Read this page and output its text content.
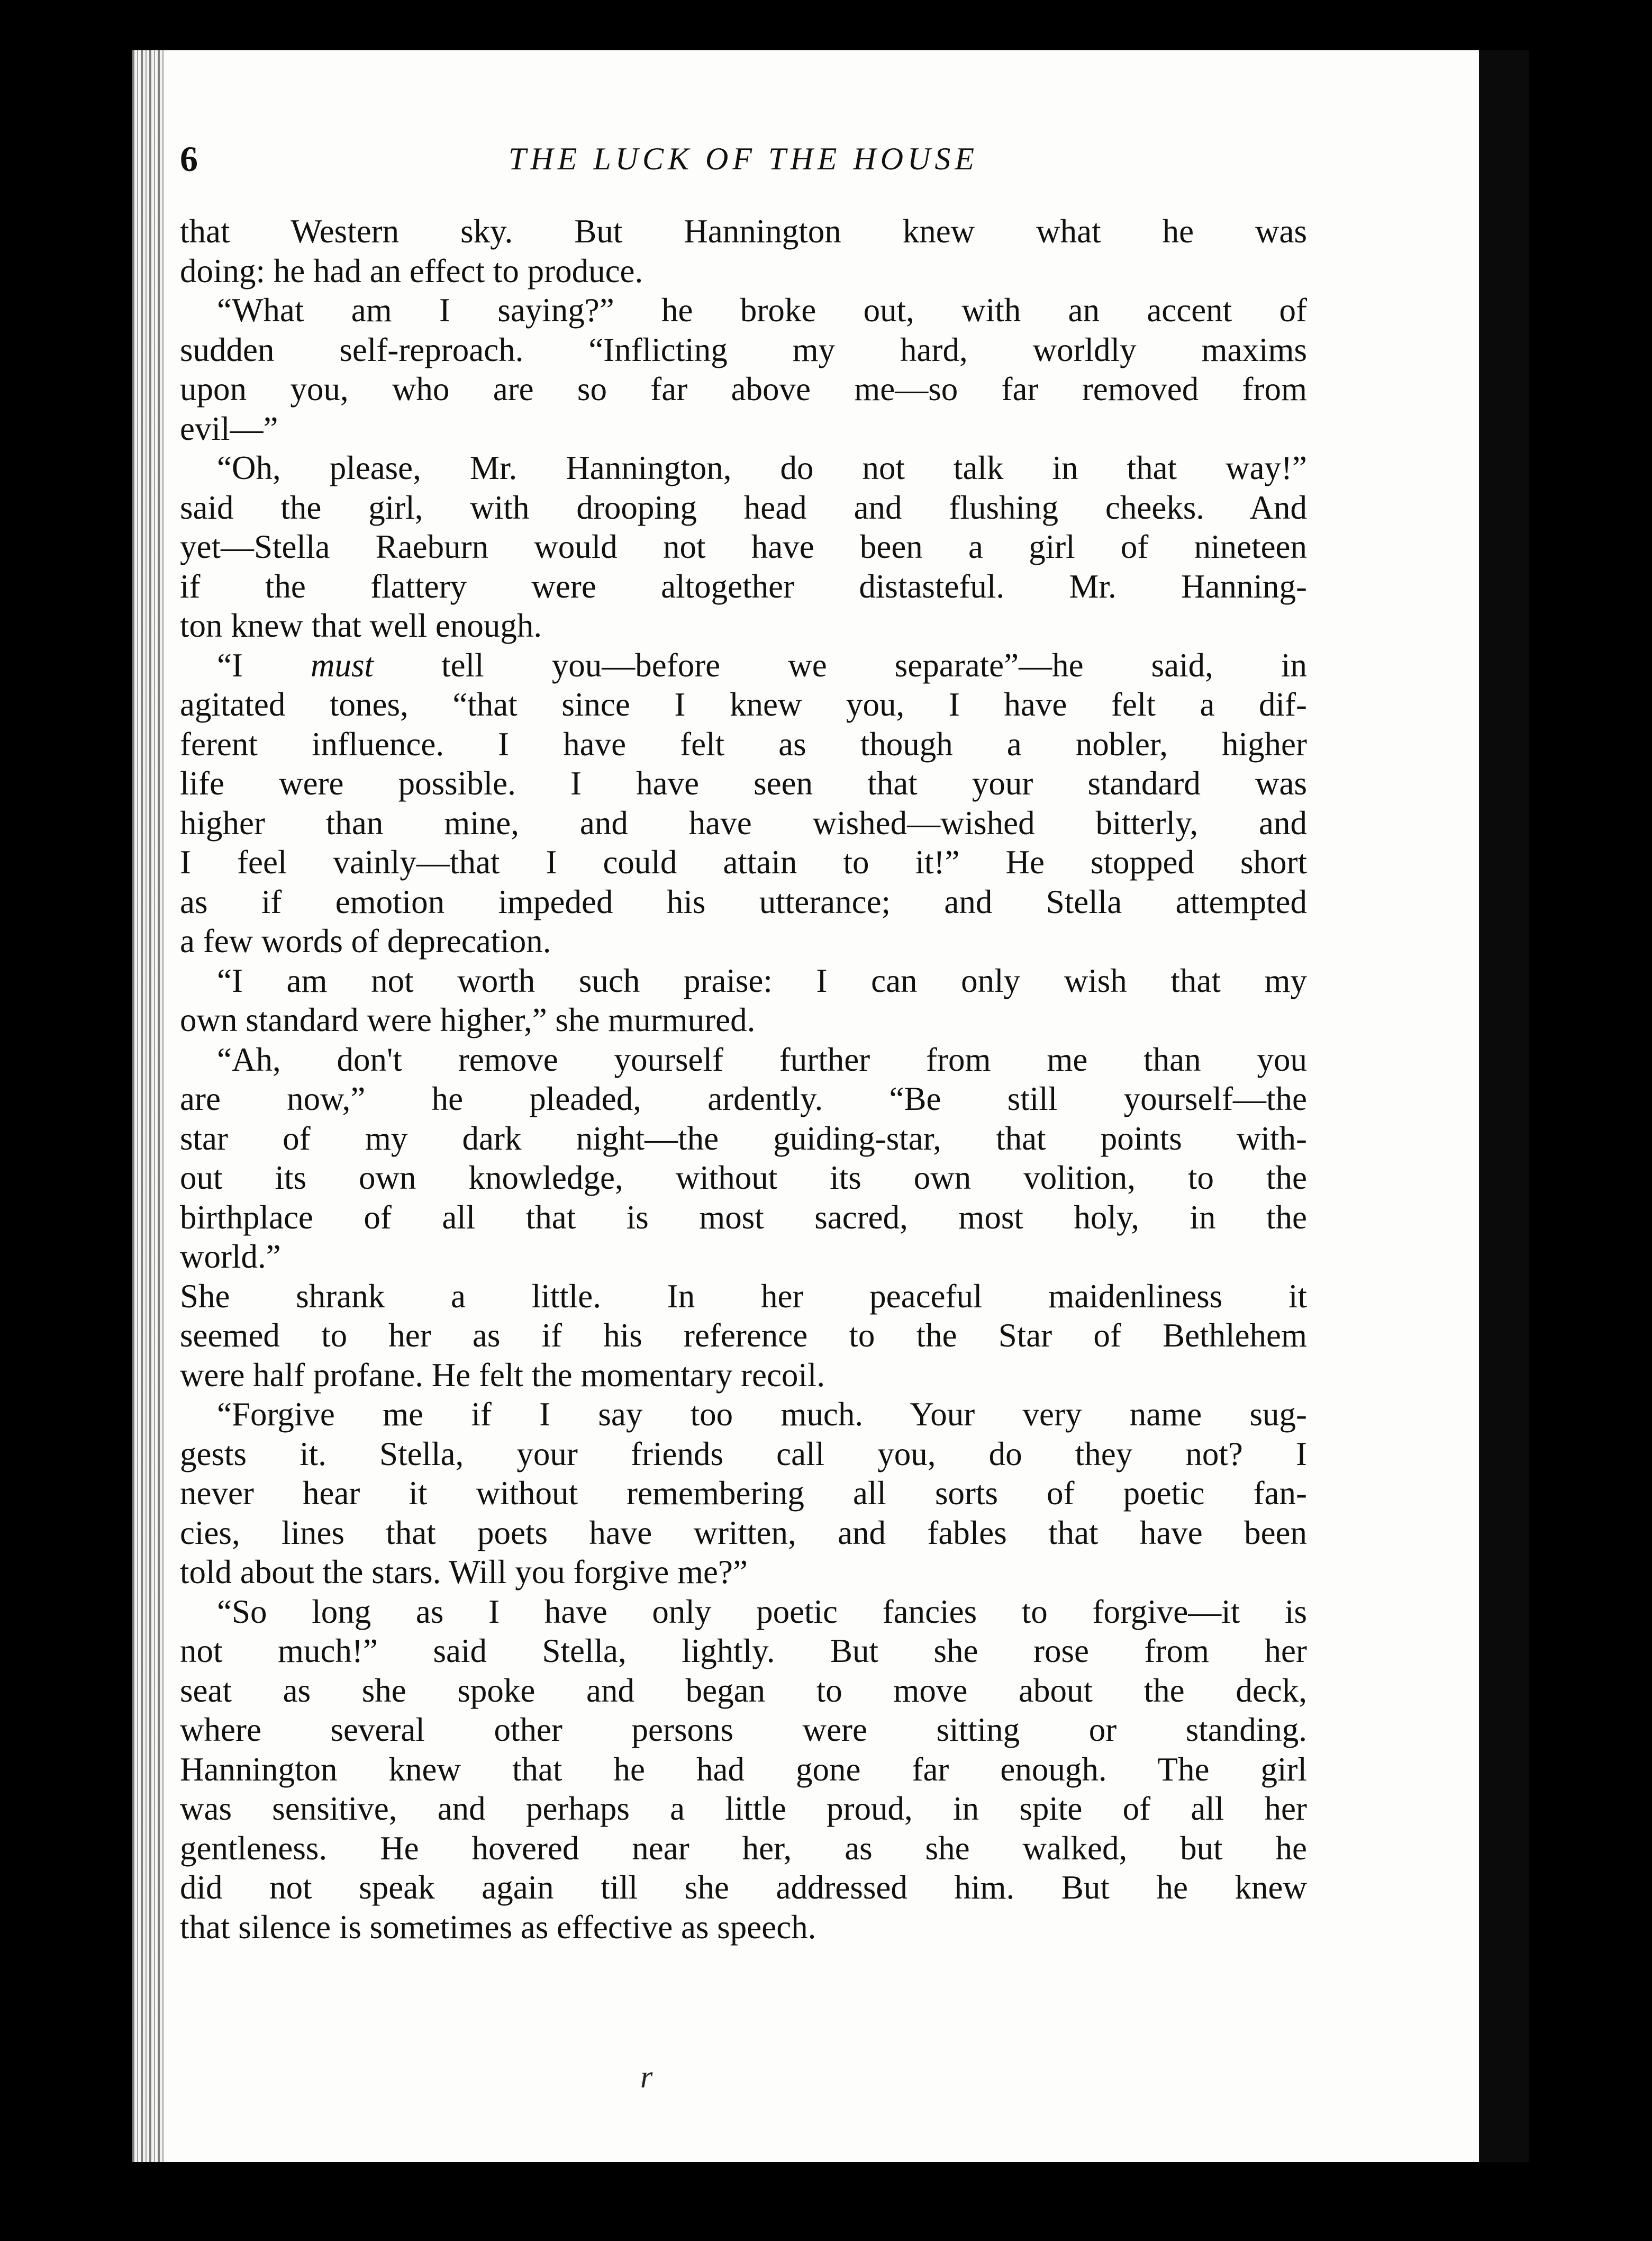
6	THE LUCK OF THE HOUSE

that Western sky. But Hannington knew what he was

doing: he had an effect to produce.

“What am I saying?” he broke out, with an accent of

sudden self-reproach. “Inflicting my hard, worldly maxims

upon you, who are so far above me—so far removed from

evil—”

“Oh, please, Mr. Hannington, do not talk in that way!”

said the girl, with drooping head and flushing cheeks. And

yet—Stella Raeburn would not have been a girl of nineteen

if the flattery were altogether distasteful. Mr. Hanning-

ton knew that well enough.

“I must tell you—before we separate”—he said, in

agitated tones, “that since I knew you, I have felt a dif-

ferent influence. I have felt as though a nobler, higher

life were possible. I have seen that your standard was

higher than mine, and have wished—wished bitterly, and

I feel vainly—that I could attain to it!” He stopped short

as if emotion impeded his utterance; and Stella attempted

a few words of deprecation.

“I am not worth such praise: I can only wish that my

own standard were higher,” she murmured.

“Ah, don't remove yourself further from me than you

are now,” he pleaded, ardently. “Be still yourself—the

star of my dark night—the guiding-star, that points with-

out its own knowledge, without its own volition, to the

birthplace of all that is most sacred, most holy, in the

world.”

She shrank a little. In her peaceful maidenliness it

seemed to her as if his reference to the Star of Bethlehem

were half profane. He felt the momentary recoil.

“Forgive me if I say too much. Your very name sug-

gests it. Stella, your friends call you, do they not? I

never hear it without remembering all sorts of poetic fan-

cies, lines that poets have written, and fables that have been

told about the stars. Will you forgive me?”

“So long as I have only poetic fancies to forgive—it is

not much!” said Stella, lightly. But she rose from her

seat as she spoke and began to move about the deck,

where several other persons were sitting or standing.

Hannington knew that he had gone far enough. The girl

was sensitive, and perhaps a little proud, in spite of all her

gentleness. He hovered near her, as she walked, but he

did not speak again till she addressed him. But he knew

that silence is sometimes as effective as speech.

r
